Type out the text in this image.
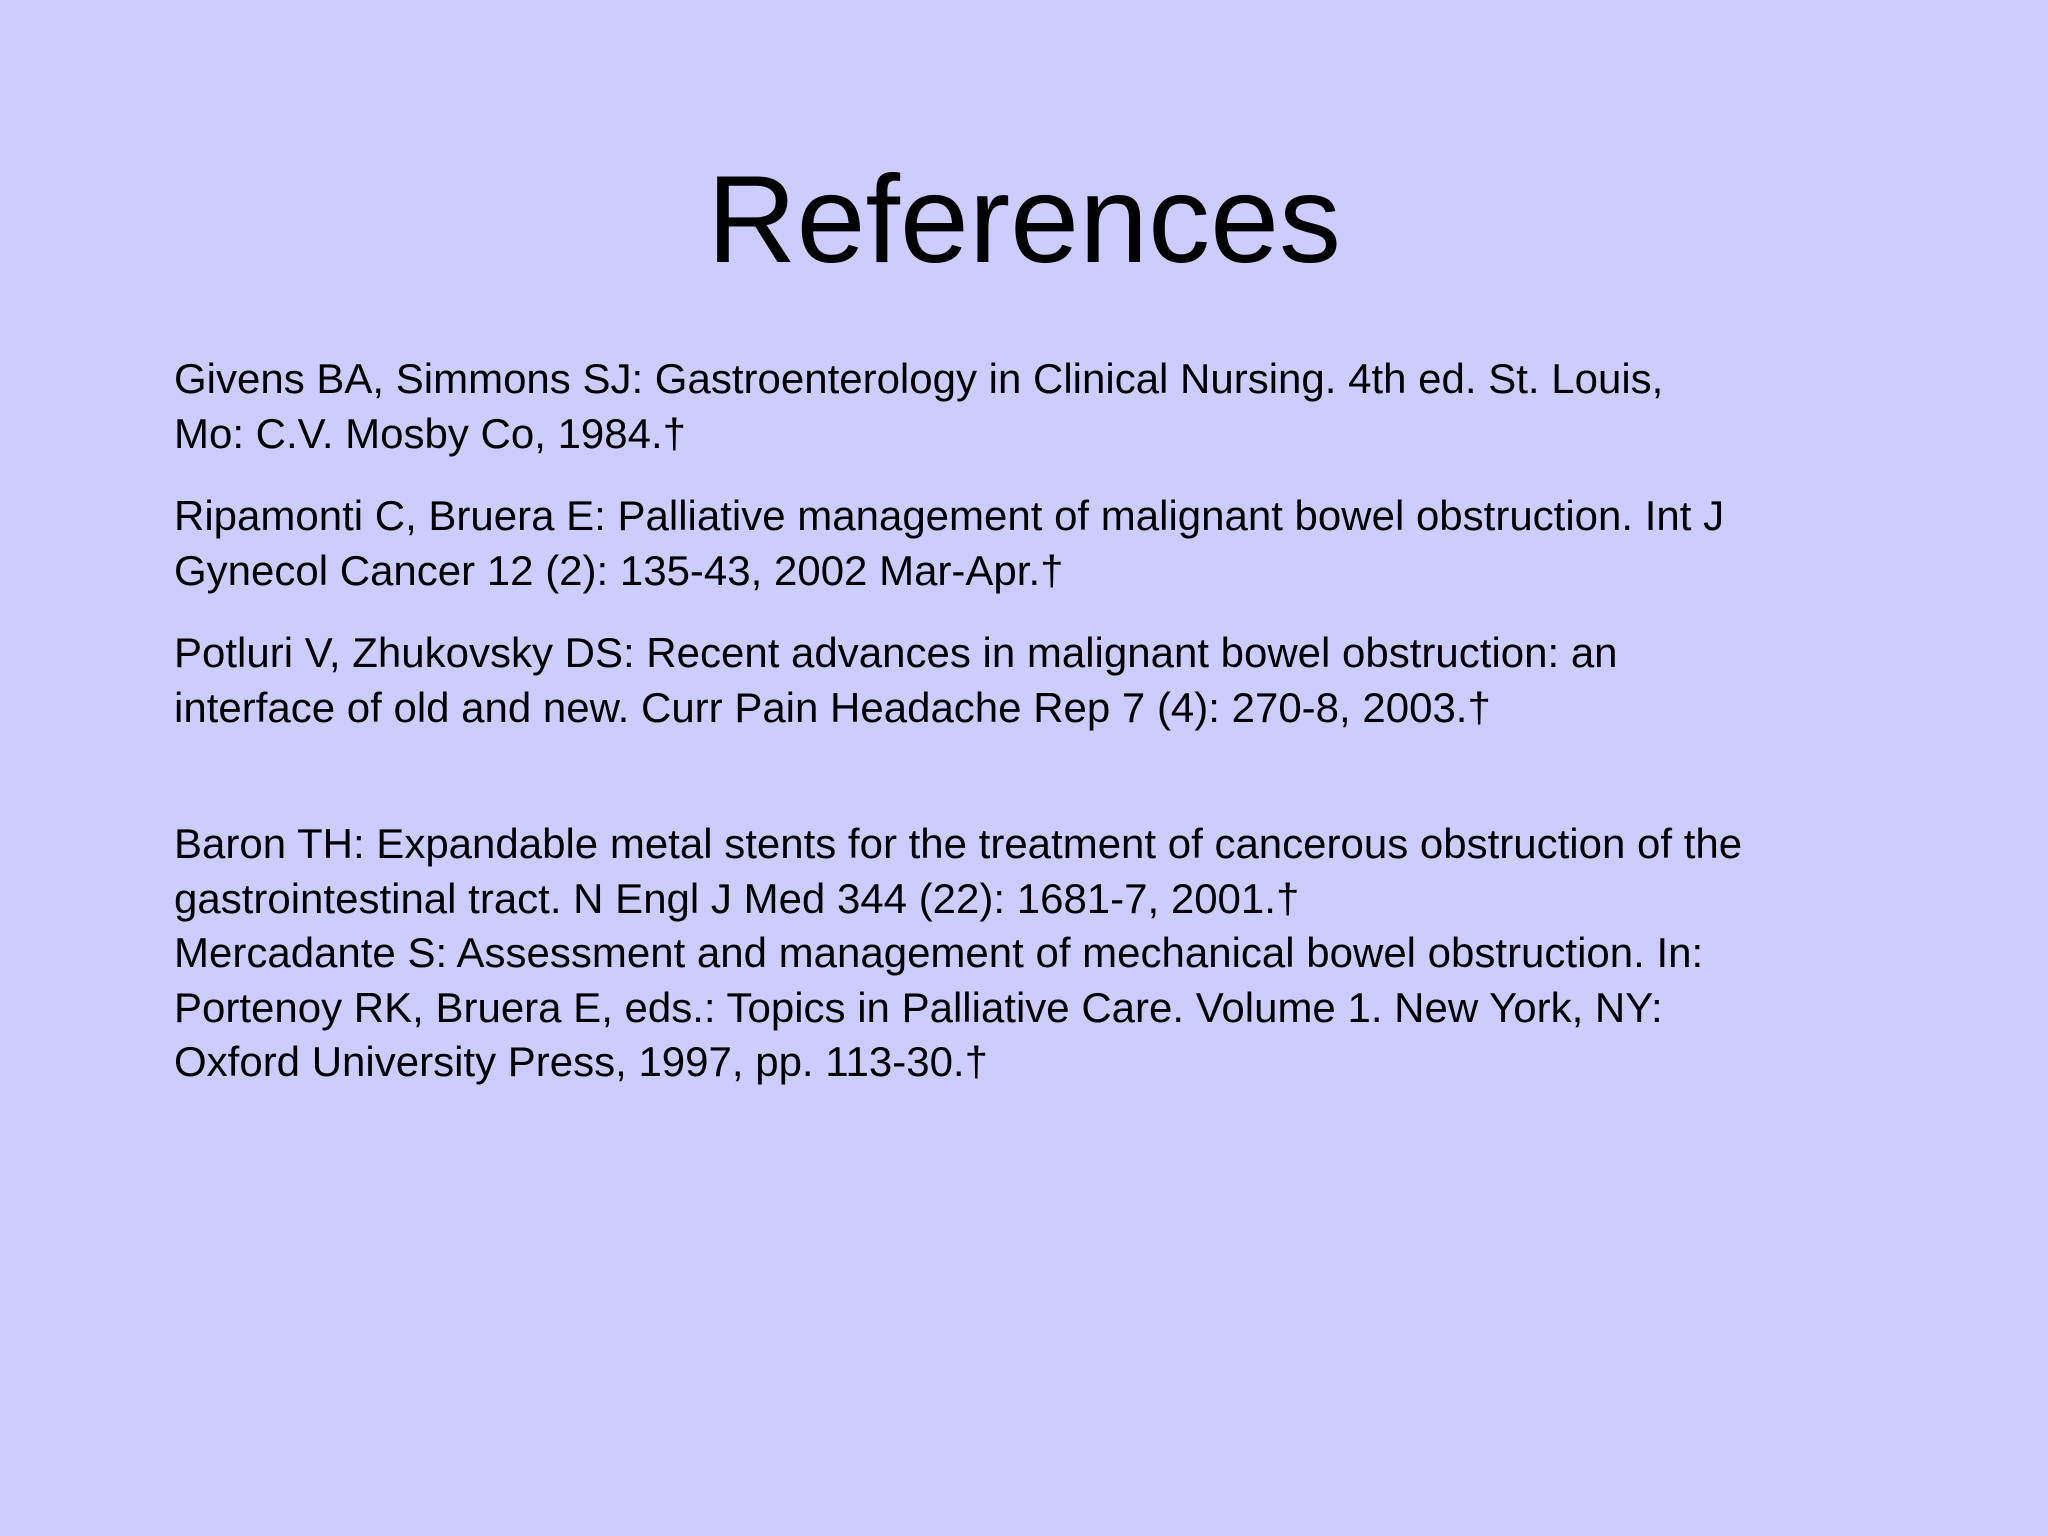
References
Givens BA, Simmons SJ: Gastroenterology in Clinical Nursing. 4th ed. St. Louis,
Mo: C.V. Mosby Co, 1984.†
Ripamonti C, Bruera E: Palliative management of malignant bowel obstruction. Int J
Gynecol Cancer 12 (2): 135-43, 2002 Mar-Apr.†
Potluri V, Zhukovsky DS: Recent advances in malignant bowel obstruction: an
interface of old and new. Curr Pain Headache Rep 7 (4): 270-8, 2003.†
Baron TH: Expandable metal stents for the treatment of cancerous obstruction of the
gastrointestinal tract. N Engl J Med 344 (22): 1681-7, 2001.†
Mercadante S: Assessment and management of mechanical bowel obstruction. In:
Portenoy RK, Bruera E, eds.: Topics in Palliative Care. Volume 1. New York, NY:
Oxford University Press, 1997, pp. 113-30.†
